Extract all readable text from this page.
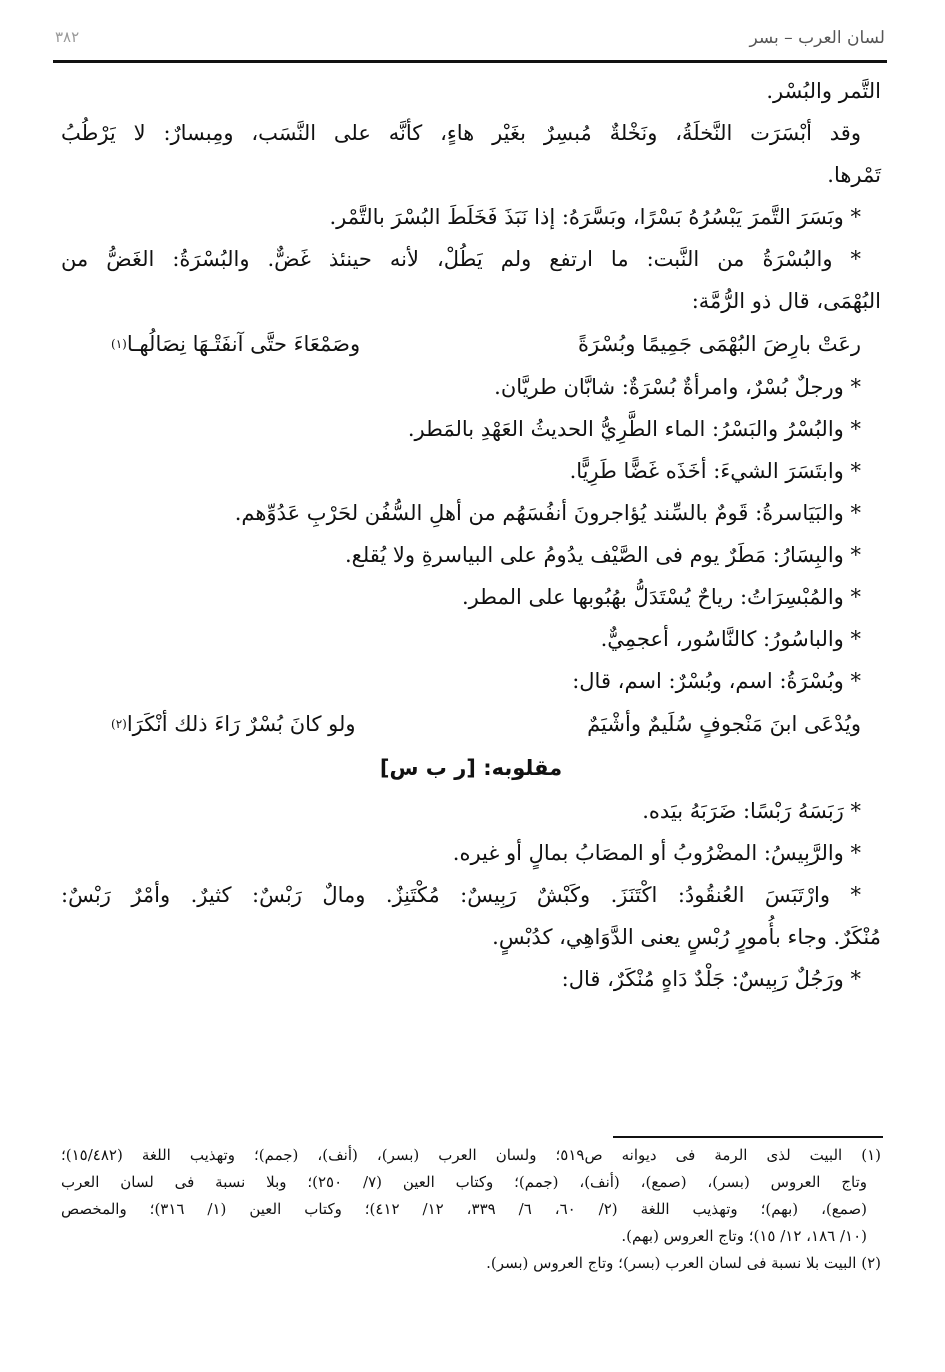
لسان العرب – بسر
٣٨٢

التَّمر والبُسْر.

وقد أبْسَرَت النَّخلَةُ، ونَخْلةٌ مُبسِرٌ بغَيْر هاءٍ، كأنَّه على النَّسَب، ومِبسارٌ: لا يَرْطُبُ

تَمْرها.

* وبَسَرَ التَّمرَ يَبْسُرُهُ بَسْرًا، وبَسَّرَهُ: إذا نَبَذَ فَخَلَطَ البُسْرَ بالتَّمْر.

* والبُسْرَةُ من النَّبت: ما ارتفع ولم يَطُلْ، لأنه حينئذ غَضٌّ. والبُسْرَةُ: الغَضُّ من

البُهْمَى، قال ذو الرُّمَّة:

رعَتْ بارِضَ البُهْمَى جَمِيمًا وبُسْرَةً
وصَمْعَاءَ حتَّى آنفَتْـهَا نِصَالُهـا$^{(١)}$

* ورجلٌ بُسْرٌ، وامرأةٌ بُسْرَةٌ: شابَّان طريَّان.

* والبُسْرُ والبَسْرُ: الماء الطَّرِيُّ الحديثُ العَهْدِ بالمَطر.

* وابتَسَرَ الشيءَ: أخَذَه غَضًّا طَرِيًّا.

* والبَيَاسرةُ: قَومٌ بالسِّند يُؤاجرونَ أنفُسَهُم من أهلِ السُّفُن لحَرْبِ عَدُوِّهم.

* والبِسَارُ: مَطَرٌ يوم فى الصَّيْف يدُومُ على البياسرةِ ولا يُقلع.

* والمُبْسِرَاتُ: رياحٌ يُسْتَدَلُّ بهُبُوبها على المطر.

* والباسُورُ: كالنَّاسُور، أعجمِيٌّ.

* وبُسْرَةُ: اسم، وبُسْرٌ: اسم، قال:

ويُدْعَى ابنَ مَنْجوفٍ سُلَيمٌ وأشْيَمٌ
ولو كانَ بُسْرٌ رَاءَ ذلك أنْكَرَا$^{(٢)}$
مقلوبه: [ر ب س]

* رَبَسَهُ رَبْسًا: ضَرَبَهُ بيَده.

* والرَّبِيسُ: المضْرُوبُ أو المصَابُ بمالٍ أو غيره.

* وارْتَبَسَ العُنقُودُ: اكْتَنَزَ. وكَبْشٌ رَبِيسٌ: مُكْتَنِزٌ. ومالٌ رَبْسٌ: كثيرٌ. وأمْرٌ رَبْسٌ:

مُنْكَرٌ. وجاء بأُمورٍ رُبْسٍ يعنى الدَّوَاهِي، كدُبْسٍ.

* ورَجُلٌ رَبِيسٌ: جَلْدٌ دَاهٍ مُنْكَرٌ، قال:

(١) البيت لذى الرمة فى ديوانه ص٥١٩؛ ولسان العرب (بسر)، (أنف)، (جمم)؛ وتهذيب اللغة (١٥/٤٨٢)؛

وتاج العروس (بسر)، (صمع)، (أنف)، (جمم)؛ وكتاب العين (٧/ ٢٥٠)؛ وبلا نسبة فى لسان العرب

(صمع)، (بهم)؛ وتهذيب اللغة (٢/ ٦٠، ٦/ ٣٣٩، ١٢/ ٤١٢)؛ وكتاب العين (١/ ٣١٦)؛ والمخصص

(١٠/ ١٨٦، ١٢/ ١٥)؛ وتاج العروس (بهم).

(٢) البيت بلا نسبة فى لسان العرب (بسر)؛ وتاج العروس (بسر).
